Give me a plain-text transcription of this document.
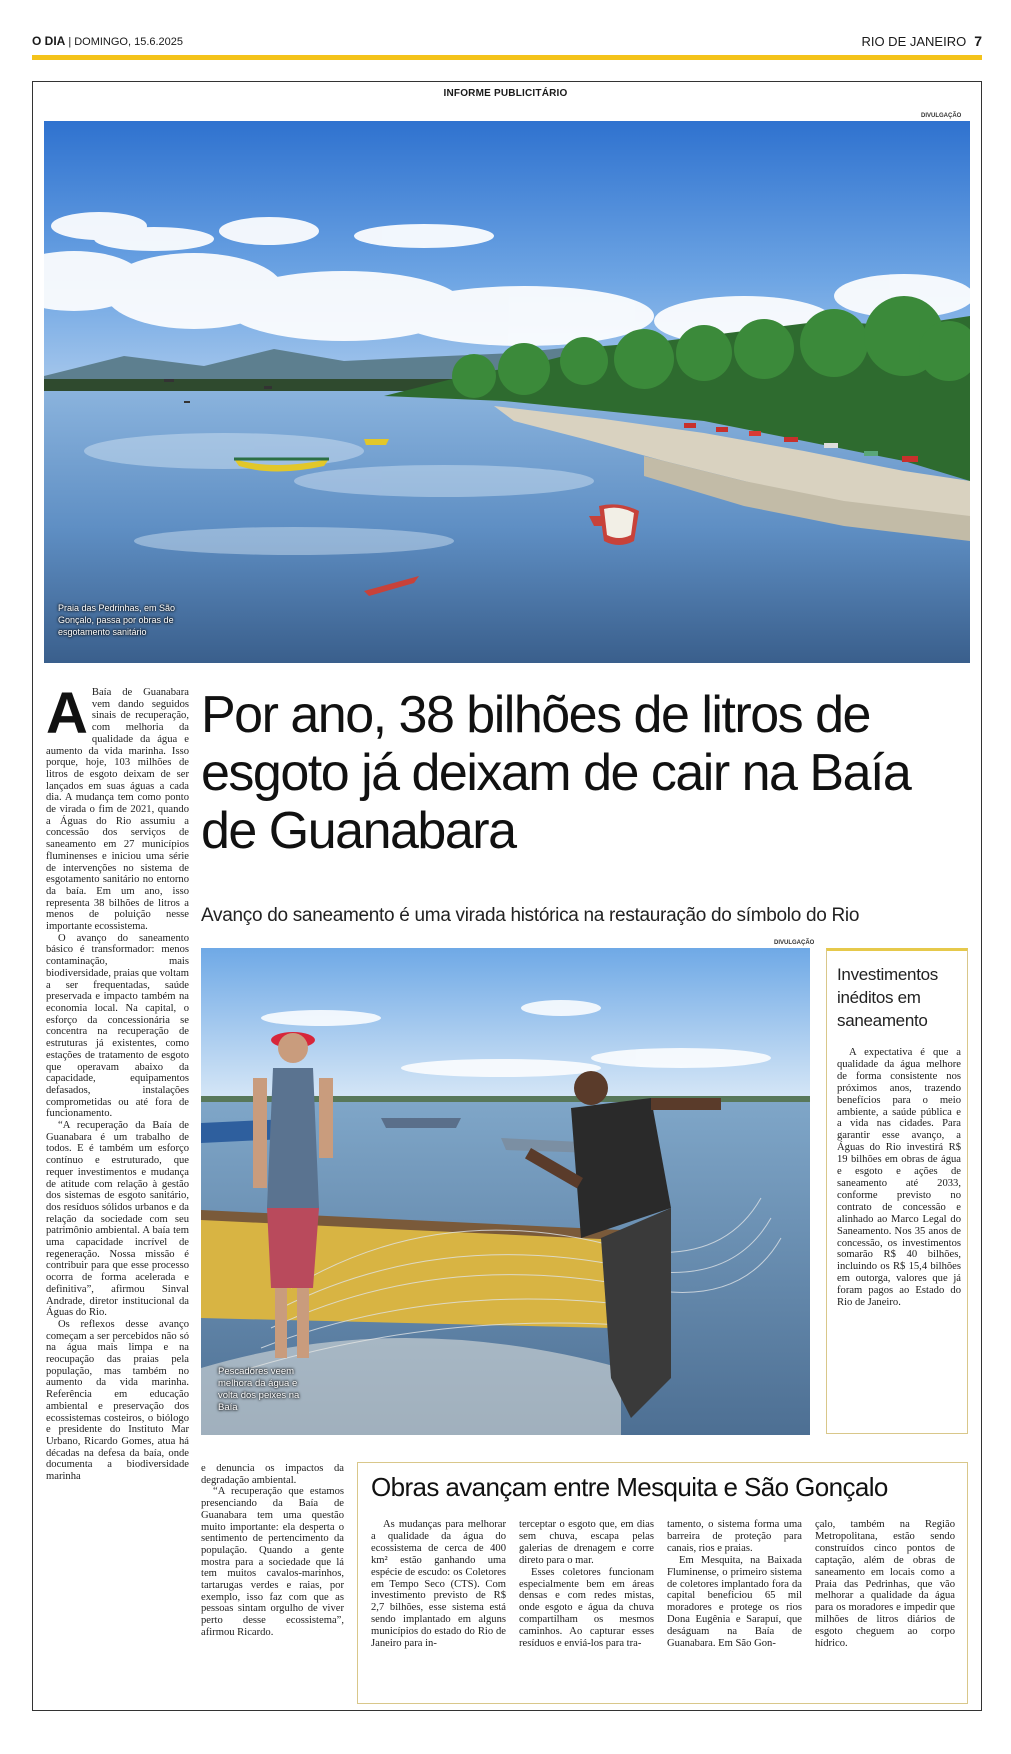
O DIA | DOMINGO, 15.6.2025	RIO DE JANEIRO 7
INFORME PUBLICITÁRIO
DIVULGAÇÃO
Praia das Pedrinhas, em São Gonçalo, passa por obras de esgotamento sanitário
Por ano, 38 bilhões de litros de esgoto já deixam de cair na Baía de Guanabara
Avanço do saneamento é uma virada histórica na restauração do símbolo do Rio

A Baía de Guanabara vem dando seguidos sinais de recuperação, com melhoria da qualidade da água e aumento da vida marinha. Isso porque, hoje, 103 milhões de litros de esgoto deixam de ser lançados em suas águas a cada dia. A mudança tem como ponto de virada o fim de 2021, quando a Águas do Rio assumiu a concessão dos serviços de saneamento em 27 municípios fluminenses e iniciou uma série de intervenções no sistema de esgotamento sanitário no entorno da baía. Em um ano, isso representa 38 bilhões de litros a menos de poluição nesse importante ecossistema.

O avanço do saneamento básico é transformador: menos contaminação, mais biodiversidade, praias que voltam a ser frequentadas, saúde preservada e impacto também na economia local. Na capital, o esforço da concessionária se concentra na recuperação de estruturas já existentes, como estações de tratamento de esgoto que operavam abaixo da capacidade, equipamentos defasados, instalações comprometidas ou até fora de funcionamento.

“A recuperação da Baía de Guanabara é um trabalho de todos. E é também um esforço contínuo e estruturado, que requer investimentos e mudança de atitude com relação à gestão dos sistemas de esgoto sanitário, dos resíduos sólidos urbanos e da relação da sociedade com seu patrimônio ambiental. A baía tem uma capacidade incrível de regeneração. Nossa missão é contribuir para que esse processo ocorra de forma acelerada e definitiva”, afirmou Sinval Andrade, diretor institucional da Águas do Rio.

Os reflexos desse avanço começam a ser percebidos não só na água mais limpa e na reocupação das praias pela população, mas também no aumento da vida marinha. Referência em educação ambiental e preservação dos ecossistemas costeiros, o biólogo e presidente do Instituto Mar Urbano, Ricardo Gomes, atua há décadas na defesa da baía, onde documenta a biodiversidade marinha

DIVULGAÇÃO
Pescadores veem melhora da água e volta dos peixes na Baía
Investimentos inéditos em saneamento

A expectativa é que a qualidade da água melhore de forma consistente nos próximos anos, trazendo benefícios para o meio ambiente, a saúde pública e a vida nas cidades. Para garantir esse avanço, a Águas do Rio investirá R$ 19 bilhões em obras de água e esgoto e ações de saneamento até 2033, conforme previsto no contrato de concessão e alinhado ao Marco Legal do Saneamento. Nos 35 anos de concessão, os investimentos somarão R$ 40 bilhões, incluindo os R$ 15,4 bilhões em outorga, valores que já foram pagos ao Estado do Rio de Janeiro.

e denuncia os impactos da degradação ambiental.

“A recuperação que estamos presenciando da Baía de Guanabara tem uma questão muito importante: ela desperta o sentimento de pertencimento da população. Quando a gente mostra para a sociedade que lá tem muitos cavalos-marinhos, tartarugas verdes e raias, por exemplo, isso faz com que as pessoas sintam orgulho de viver perto desse ecossistema”, afirmou Ricardo.

Obras avançam entre Mesquita e São Gonçalo

As mudanças para melhorar a qualidade da água do ecossistema de cerca de 400 km² estão ganhando uma espécie de escudo: os Coletores em Tempo Seco (CTS). Com investimento previsto de R$ 2,7 bilhões, esse sistema está sendo implantado em alguns municípios do estado do Rio de Janeiro para in-

terceptar o esgoto que, em dias sem chuva, escapa pelas galerias de drenagem e corre direto para o mar.

Esses coletores funcionam especialmente bem em áreas densas e com redes mistas, onde esgoto e água da chuva compartilham os mesmos caminhos. Ao capturar esses resíduos e enviá-los para tra-

tamento, o sistema forma uma barreira de proteção para canais, rios e praias.

Em Mesquita, na Baixada Fluminense, o primeiro sistema de coletores implantado fora da capital beneficiou 65 mil moradores e protege os rios Dona Eugênia e Sarapuí, que deságuam na Baía de Guanabara. Em São Gon-

çalo, também na Região Metropolitana, estão sendo construídos cinco pontos de captação, além de obras de saneamento em locais como a Praia das Pedrinhas, que vão melhorar a qualidade da água para os moradores e impedir que milhões de litros diários de esgoto cheguem ao corpo hídrico.
